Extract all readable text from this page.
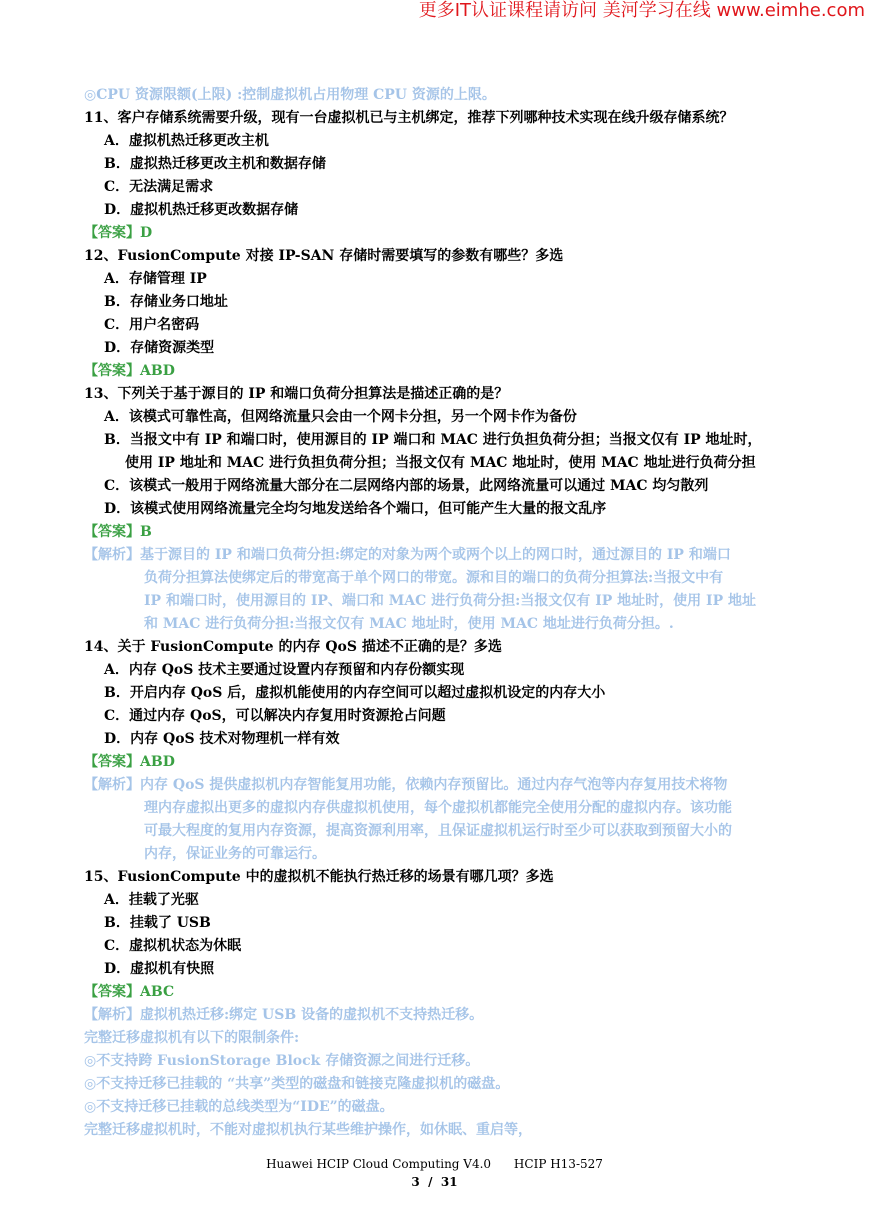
更多IT认证课程请访问 美河学习在线 www.eimhe.com
◎CPU 资源限额(上限) :控制虚拟机占用物理 CPU 资源的上限。
11、客户存储系统需要升级，现有一台虚拟机已与主机绑定，推荐下列哪种技术实现在线升级存储系统？
A．虚拟机热迁移更改主机
B．虚拟热迁移更改主机和数据存储
C．无法满足需求
D．虚拟机热迁移更改数据存储
【答案】D
12、FusionCompute 对接 IP-SAN 存储时需要填写的参数有哪些？多选
A．存储管理 IP
B．存储业务口地址
C．用户名密码
D．存储资源类型
【答案】ABD
13、下列关于基于源目的 IP 和端口负荷分担算法是描述正确的是？
A．该模式可靠性高，但网络流量只会由一个网卡分担，另一个网卡作为备份
B．当报文中有 IP 和端口时，使用源目的 IP 端口和 MAC 进行负担负荷分担；当报文仅有 IP 地址时，
使用 IP 地址和 MAC 进行负担负荷分担；当报文仅有 MAC 地址时，使用 MAC 地址进行负荷分担
C．该模式一般用于网络流量大部分在二层网络内部的场景，此网络流量可以通过 MAC 均匀散列
D．该模式使用网络流量完全均匀地发送给各个端口，但可能产生大量的报文乱序
【答案】B
【解析】基于源目的 IP 和端口负荷分担:绑定的对象为两个或两个以上的网口时，通过源目的 IP 和端口
负荷分担算法使绑定后的带宽高于单个网口的带宽。源和目的端口的负荷分担算法:当报文中有
IP 和端口时，使用源目的 IP、端口和 MAC 进行负荷分担:当报文仅有 IP 地址时，使用 IP 地址
和 MAC 进行负荷分担:当报文仅有 MAC 地址时，使用 MAC 地址进行负荷分担。.
14、关于 FusionCompute 的内存 QoS 描述不正确的是？多选
A．内存 QoS 技术主要通过设置内存预留和内存份额实现
B．开启内存 QoS 后，虚拟机能使用的内存空间可以超过虚拟机设定的内存大小
C．通过内存 QoS，可以解决内存复用时资源抢占问题
D．内存 QoS 技术对物理机一样有效
【答案】ABD
【解析】内存 QoS 提供虚拟机内存智能复用功能，依赖内存预留比。通过内存气泡等内存复用技术将物
理内存虚拟出更多的虚拟内存供虚拟机使用，每个虚拟机都能完全使用分配的虚拟内存。该功能
可最大程度的复用内存资源，提高资源利用率，且保证虚拟机运行时至少可以获取到预留大小的
内存，保证业务的可靠运行。
15、FusionCompute 中的虚拟机不能执行热迁移的场景有哪几项？多选
A．挂载了光驱
B．挂载了 USB
C．虚拟机状态为休眠
D．虚拟机有快照
【答案】ABC
【解析】虚拟机热迁移:绑定 USB 设备的虚拟机不支持热迁移。
完整迁移虚拟机有以下的限制条件:
◎不支持跨 FusionStorage Block 存储资源之间进行迁移。
◎不支持迁移已挂载的 “共享”类型的磁盘和链接克隆虚拟机的磁盘。
◎不支持迁移已挂载的总线类型为“IDE”的磁盘。
完整迁移虚拟机时，不能对虚拟机执行某些维护操作，如休眠、重启等，
Huawei HCIP Cloud Computing V4.0      HCIP H13-527
3  /  31
